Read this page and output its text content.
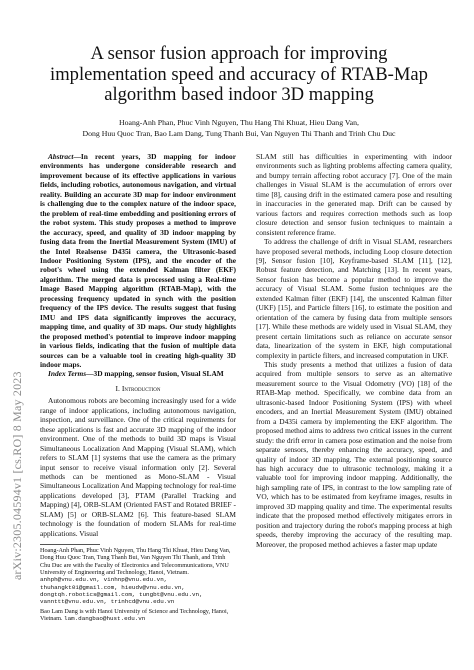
arXiv:2305.04594v1 [cs.RO] 8 May 2023
A sensor fusion approach for improving implementation speed and accuracy of RTAB-Map algorithm based indoor 3D mapping
Hoang-Anh Phan, Phuc Vinh Nguyen, Thu Hang Thi Khuat, Hieu Dang Van,
Dong Huu Quoc Tran, Bao Lam Dang, Tung Thanh Bui, Van Nguyen Thi Thanh and Trinh Chu Duc

Abstract—In recent years, 3D mapping for indoor environments has undergone considerable research and improvement because of its effective applications in various fields, including robotics, autonomous navigation, and virtual reality. Building an accurate 3D map for indoor environment is challenging due to the complex nature of the indoor space, the problem of real-time embedding and positioning errors of the robot system. This study proposes a method to improve the accuracy, speed, and quality of 3D indoor mapping by fusing data from the Inertial Measurement System (IMU) of the Intel Realsense D435i camera, the Ultrasonic-based Indoor Positioning System (IPS), and the encoder of the robot's wheel using the extended Kalman filter (EKF) algorithm. The merged data is processed using a Real-time Image Based Mapping algorithm (RTAB-Map), with the processing frequency updated in synch with the position frequency of the IPS device. The results suggest that fusing IMU and IPS data significantly improves the accuracy, mapping time, and quality of 3D maps. Our study highlights the proposed method's potential to improve indoor mapping in various fields, indicating that the fusion of multiple data sources can be a valuable tool in creating high-quality 3D indoor maps.

Index Terms—3D mapping, sensor fusion, Visual SLAM

I. Introduction

Autonomous robots are becoming increasingly used for a wide range of indoor applications, including autonomous navigation, inspection, and surveillance. One of the critical requirements for these applications is fast and accurate 3D mapping of the indoor environment. One of the methods to build 3D maps is Visual Simultaneous Localization And Mapping (Visual SLAM), which refers to SLAM [1] systems that use the camera as the primary input sensor to receive visual information only [2]. Several methods can be mentioned as Mono-SLAM - Visual Simultaneous Localization And Mapping technology for real-time applications developed [3], PTAM (Parallel Tracking and Mapping) [4], ORB-SLAM (Oriented FAST and Rotated BRIEF - SLAM) [5] or ORB-SLAM2 [6]. This feature-based SLAM technology is the foundation of modern SLAMs for real-time applications. Visual

Hoang-Anh Phan, Phuc Vinh Nguyen, Thu Hang Thi Khuat, Hieu Dang Van, Dong Huu Quoc Tran, Tung Thanh Bui, Van Nguyen Thi Thanh, and Trinh Chu Duc are with the Faculty of Electronics and Telecommunications, VNU University of Engineering and Technology, Hanoi, Vietnam. anhph@vnu.edu.vn, vinhnp@vnu.edu.vn, thuhangkt01@gmail.com, hieudv@vnu.edu.vn, dongtqh.robotics@gmail.com, tungbt@vnu.edu.vn, vannttt@vnu.edu.vn, trinhcd@vnu.edu.vn
Bao Lam Dang is with Hanoi University of Science and Technology, Hanoi, Vietnam. lam.dangbao@hust.edu.vn

SLAM still has difficulties in experimenting with indoor environments such as lighting problems affecting camera quality, and bumpy terrain affecting robot accuracy [7]. One of the main challenges in Visual SLAM is the accumulation of errors over time [8], causing drift in the estimated camera pose and resulting in inaccuracies in the generated map. Drift can be caused by various factors and requires correction methods such as loop closure detection and sensor fusion techniques to maintain a consistent reference frame.

To address the challenge of drift in Visual SLAM, researchers have proposed several methods, including Loop closure detection [9], Sensor fusion [10], Keyframe-based SLAM [11], [12], Robust feature detection, and Matching [13]. In recent years, Sensor fusion has become a popular method to improve the accuracy of Visual SLAM. Some fusion techniques are the extended Kalman filter (EKF) [14], the unscented Kalman filter (UKF) [15], and Particle filters [16], to estimate the position and orientation of the camera by fusing data from multiple sensors [17]. While these methods are widely used in Visual SLAM, they present certain limitations such as reliance on accurate sensor data, linearization of the system in EKF, high computational complexity in particle filters, and increased computation in UKF.

This study presents a method that utilizes a fusion of data acquired from multiple sensors to serve as an alternative measurement source to the Visual Odometry (VO) [18] of the RTAB-Map method. Specifically, we combine data from an ultrasonic-based Indoor Positioning System (IPS) with wheel encoders, and an Inertial Measurement System (IMU) obtained from a D435i camera by implementing the EKF algorithm. The proposed method aims to address two critical issues in the current study: the drift error in camera pose estimation and the noise from separate sensors, thereby enhancing the accuracy, speed, and quality of indoor 3D mapping. The external positioning source has high accuracy due to ultrasonic technology, making it a valuable tool for improving indoor mapping. Additionally, the high sampling rate of IPS, in contrast to the low sampling rate of VO, which has to be estimated from keyframe images, results in improved 3D mapping quality and time. The experimental results indicate that the proposed method effectively mitigates errors in position and trajectory during the robot's mapping process at high speeds, thereby improving the accuracy of the resulting map. Moreover, the proposed method achieves a faster map update
